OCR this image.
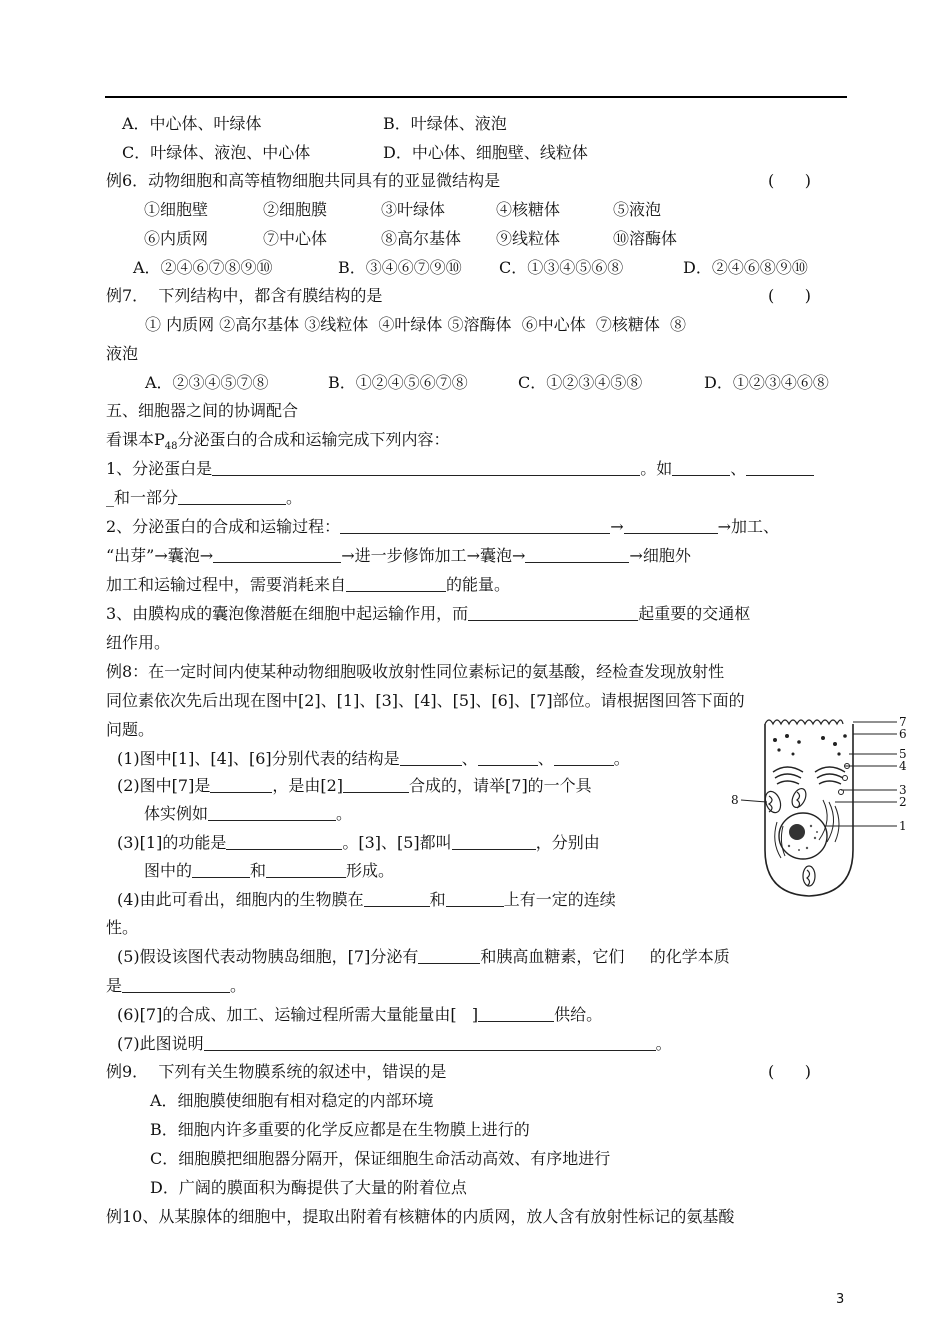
A．中心体、叶绿体	B．叶绿体、液泡
C．叶绿体、液泡、中心体	D．中心体、细胞壁、线粒体
例6．动物细胞和高等植物细胞共同具有的亚显微结构是	(      )
①细胞壁	②细胞膜	③叶绿体	④核糖体	⑤液泡
⑥内质网	⑦中心体	⑧高尔基体 ⑨线粒体	⑩溶酶体
A．②④⑥⑦⑧⑨⑩	B．③④⑥⑦⑨⑩ C．①③④⑤⑥⑧	D．②④⑥⑧⑨⑩
例7．  下列结构中，都含有膜结构的是	(      )
① 内质网 ②高尔基体 ③线粒体  ④叶绿体 ⑤溶酶体  ⑥中心体  ⑦核糖体  ⑧
液泡
A．②③④⑤⑦⑧	B．①②④⑤⑥⑦⑧	C．①②③④⑤⑧	D．①②③④⑥⑧
五、细胞器之间的协调配合
看课本$P_{48}$分泌蛋白的合成和运输完成下列内容：
1、分泌蛋白是	。如	、
_和一部分	。
2、分泌蛋白的合成和运输过程：	→	→加工、
“出芽”→囊泡→	→进一步修饰加工→囊泡→	→细胞外
加工和运输过程中，需要消耗来自	的能量。
3、由膜构成的囊泡像潜艇在细胞中起运输作用，而	起重要的交通枢
纽作用。
例8：在一定时间内使某种动物细胞吸收放射性同位素标记的氨基酸，经检查发现放射性
同位素依次先后出现在图中[2]、[1]、[3]、[4]、[5]、[6]、[7]部位。请根据图回答下面的
问题。
(1)图中[1]、[4]、[6]分别代表的结构是	、	、	。
(2)图中[7]是	，是由[2]	合成的，请举[7]的一个具
体实例如	。
(3)[1]的功能是	。[3]、[5]都叫	，分别由
图中的	和	形成。
(4)由此可看出，细胞内的生物膜在	和	上有一定的连续
性。
(5)假设该图代表动物胰岛细胞，[7]分泌有	和胰高血糖素，它们     的化学本质
是	。
(6)[7]的合成、加工、运输过程所需大量能量由[   ]	供给。
(7)此图说明	。
7
6
5
4
3
2
1
8
例9．  下列有关生物膜系统的叙述中，错误的是	(      )
A．细胞膜使细胞有相对稳定的内部环境
B．细胞内许多重要的化学反应都是在生物膜上进行的
C．细胞膜把细胞器分隔开，保证细胞生命活动高效、有序地进行
D．广阔的膜面积为酶提供了大量的附着位点
例10、从某腺体的细胞中，提取出附着有核糖体的内质网，放人含有放射性标记的氨基酸
3
